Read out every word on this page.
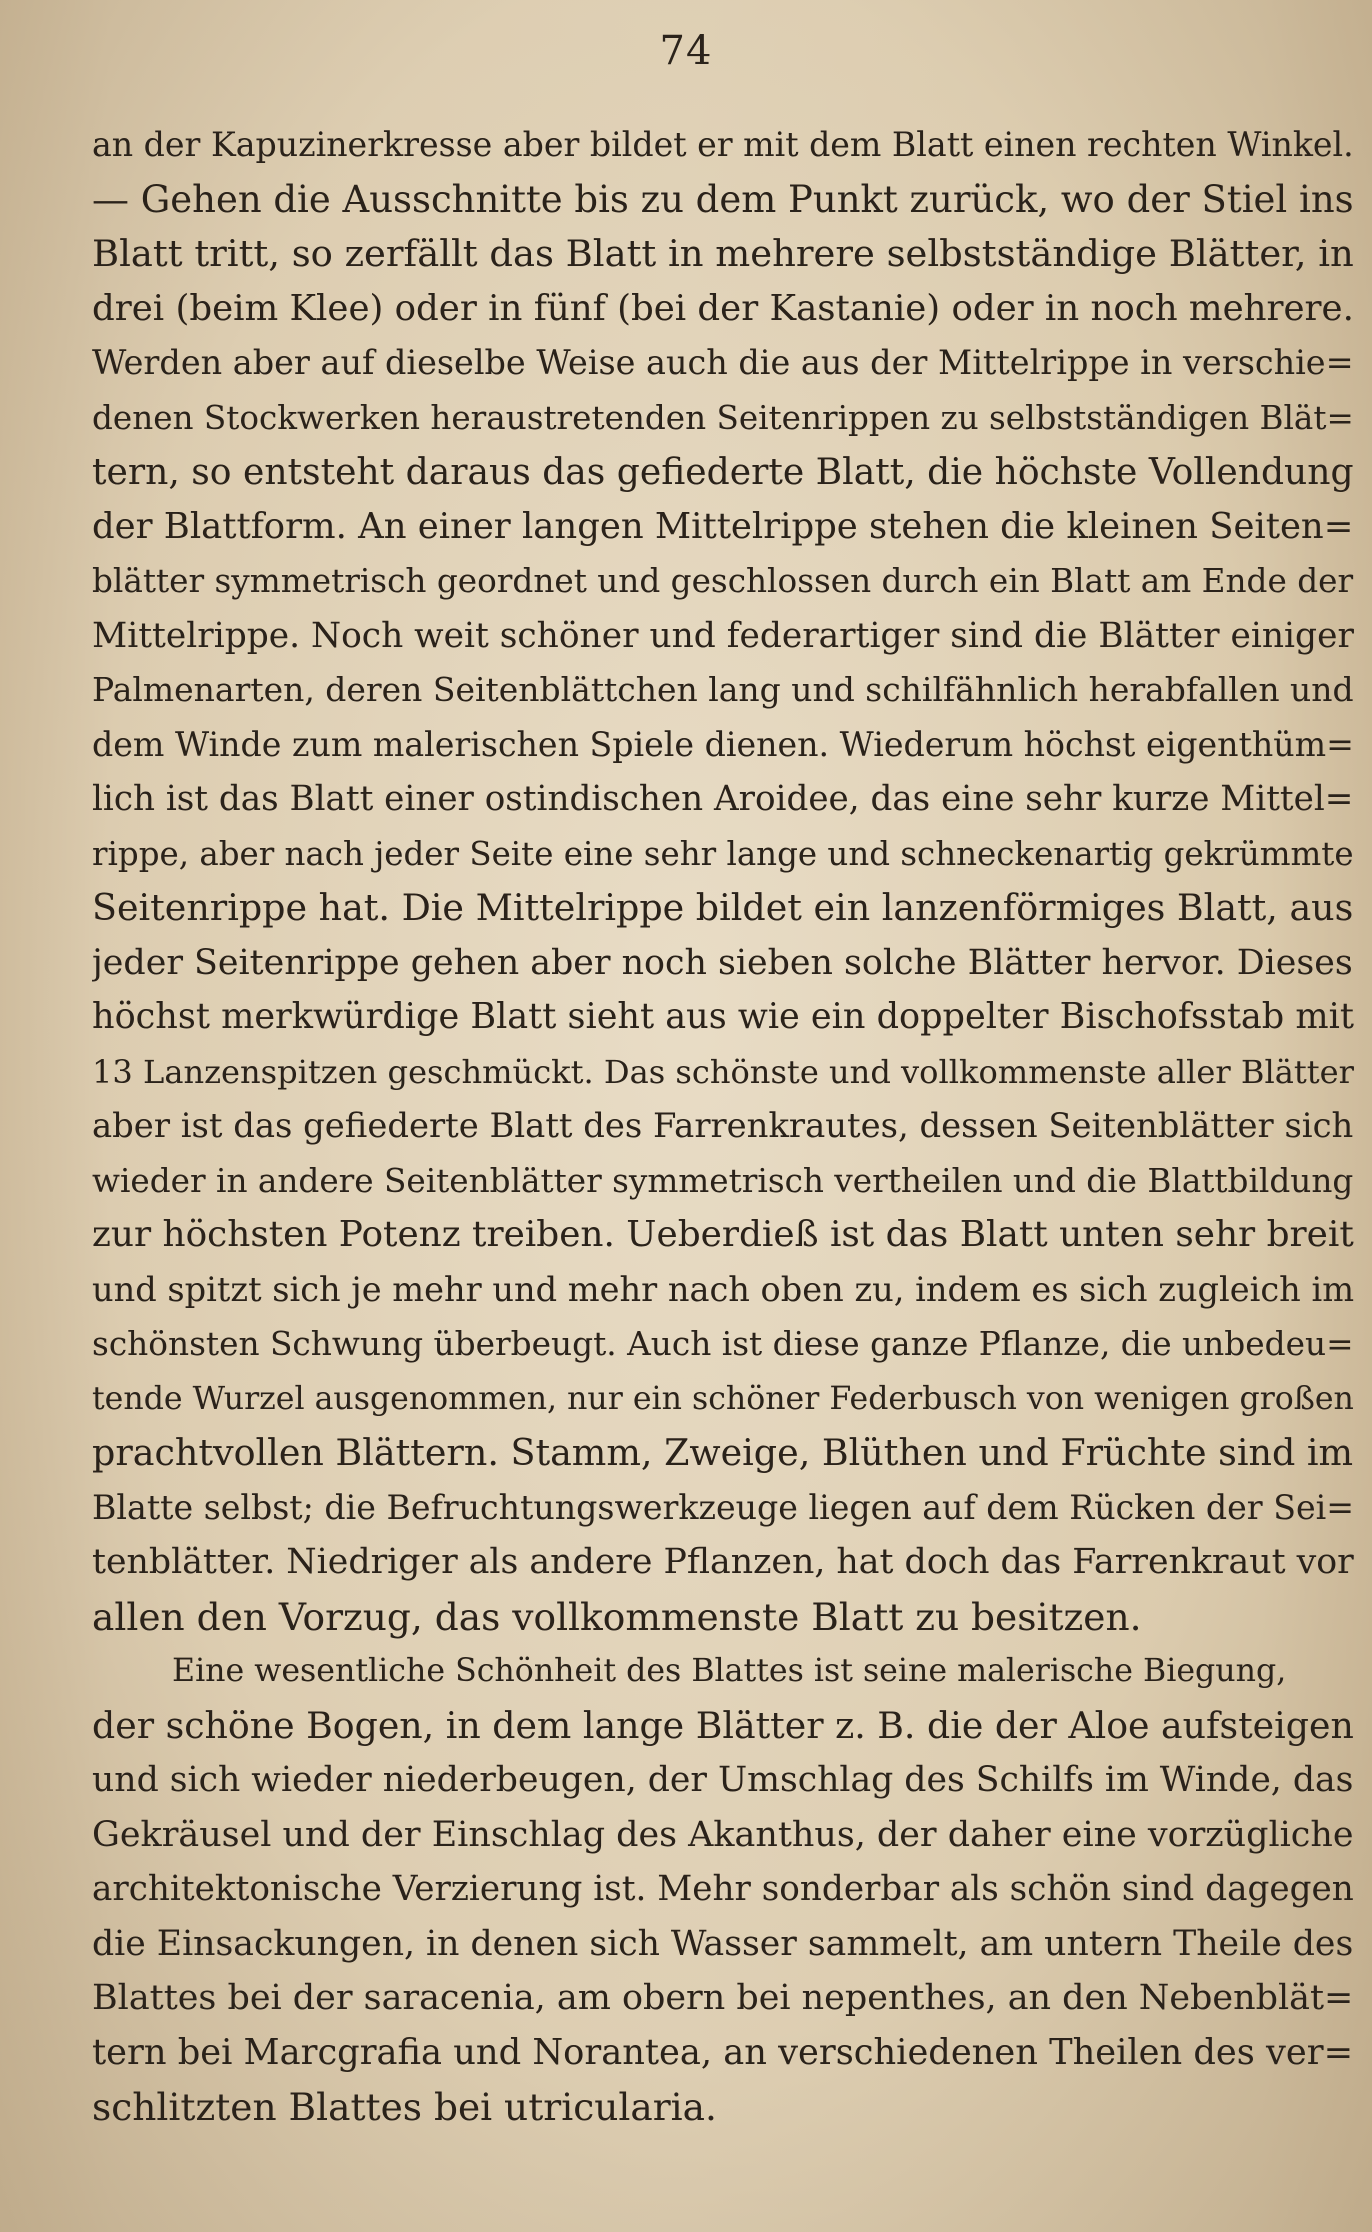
74
an der Kapuzinerkresse aber bildet er mit dem Blatt einen rechten Winkel.
— Gehen die Ausschnitte bis zu dem Punkt zurück, wo der Stiel ins
Blatt tritt, so zerfällt das Blatt in mehrere selbstständige Blätter, in
drei (beim Klee) oder in fünf (bei der Kastanie) oder in noch mehrere.
Werden aber auf dieselbe Weise auch die aus der Mittelrippe in verschie=
denen Stockwerken heraustretenden Seitenrippen zu selbstständigen Blät=
tern, so entsteht daraus das gefiederte Blatt, die höchste Vollendung
der Blattform. An einer langen Mittelrippe stehen die kleinen Seiten=
blätter symmetrisch geordnet und geschlossen durch ein Blatt am Ende der
Mittelrippe. Noch weit schöner und federartiger sind die Blätter einiger
Palmenarten, deren Seitenblättchen lang und schilfähnlich herabfallen und
dem Winde zum malerischen Spiele dienen. Wiederum höchst eigenthüm=
lich ist das Blatt einer ostindischen Aroidee, das eine sehr kurze Mittel=
rippe, aber nach jeder Seite eine sehr lange und schneckenartig gekrümmte
Seitenrippe hat. Die Mittelrippe bildet ein lanzenförmiges Blatt, aus
jeder Seitenrippe gehen aber noch sieben solche Blätter hervor. Dieses
höchst merkwürdige Blatt sieht aus wie ein doppelter Bischofsstab mit
13 Lanzenspitzen geschmückt. Das schönste und vollkommenste aller Blätter
aber ist das gefiederte Blatt des Farrenkrautes, dessen Seitenblätter sich
wieder in andere Seitenblätter symmetrisch vertheilen und die Blattbildung
zur höchsten Potenz treiben. Ueberdieß ist das Blatt unten sehr breit
und spitzt sich je mehr und mehr nach oben zu, indem es sich zugleich im
schönsten Schwung überbeugt. Auch ist diese ganze Pflanze, die unbedeu=
tende Wurzel ausgenommen, nur ein schöner Federbusch von wenigen großen
prachtvollen Blättern. Stamm, Zweige, Blüthen und Früchte sind im
Blatte selbst; die Befruchtungswerkzeuge liegen auf dem Rücken der Sei=
tenblätter. Niedriger als andere Pflanzen, hat doch das Farrenkraut vor
allen den Vorzug, das vollkommenste Blatt zu besitzen.
Eine wesentliche Schönheit des Blattes ist seine malerische Biegung,
der schöne Bogen, in dem lange Blätter z. B. die der Aloe aufsteigen
und sich wieder niederbeugen, der Umschlag des Schilfs im Winde, das
Gekräusel und der Einschlag des Akanthus, der daher eine vorzügliche
architektonische Verzierung ist. Mehr sonderbar als schön sind dagegen
die Einsackungen, in denen sich Wasser sammelt, am untern Theile des
Blattes bei der saracenia, am obern bei nepenthes, an den Nebenblät=
tern bei Marcgrafia und Norantea, an verschiedenen Theilen des ver=
schlitzten Blattes bei utricularia.
